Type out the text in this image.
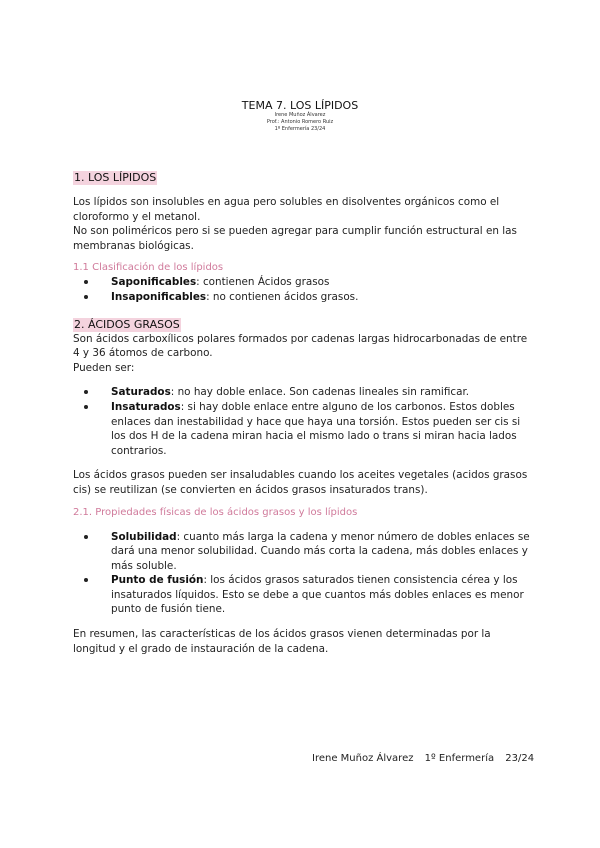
TEMA 7. LOS LÍPIDOS

Irene Muñoz Álvarez

Prof.: Antonio Romero Ruiz

1º Enfermería 23/24

1. LOS LÍPIDOS

Los lípidos son insolubles en agua pero solubles en disolventes orgánicos como el cloroformo y el metanol.

No son poliméricos pero si se pueden agregar para cumplir función estructural en las membranas biológicas.

1.1 Clasificación de los lípidos

Saponificables: contienen Ácidos grasos
Insaponificables: no contienen ácidos grasos.
2. ÁCIDOS GRASOS

Son ácidos carboxílicos polares formados por cadenas largas hidrocarbonadas de entre 4 y 36 átomos de carbono.

Pueden ser:

Saturados: no hay doble enlace. Son cadenas lineales sin ramificar.
Insaturados: si hay doble enlace entre alguno de los carbonos. Estos dobles enlaces dan inestabilidad y hace que haya una torsión. Estos pueden ser cis si los dos H de la cadena miran hacia el mismo lado o trans si miran hacia lados contrarios.

Los ácidos grasos pueden ser insaludables cuando los aceites vegetales (acidos grasos cis) se reutilizan (se convierten en ácidos grasos insaturados trans).

2.1. Propiedades físicas de los ácidos grasos y los lípidos

Solubilidad: cuanto más larga la cadena y menor número de dobles enlaces se dará una menor solubilidad. Cuando más corta la cadena, más dobles enlaces y más soluble.
Punto de fusión: los ácidos grasos saturados tienen consistencia cérea y los insaturados líquidos. Esto se debe a que cuantos más dobles enlaces es menor punto de fusión tiene.

En resumen, las características de los ácidos grasos vienen determinadas por la longitud y el grado de instauración de la cadena.

Irene Muñoz Álvarez 1º Enfermería 23/24
